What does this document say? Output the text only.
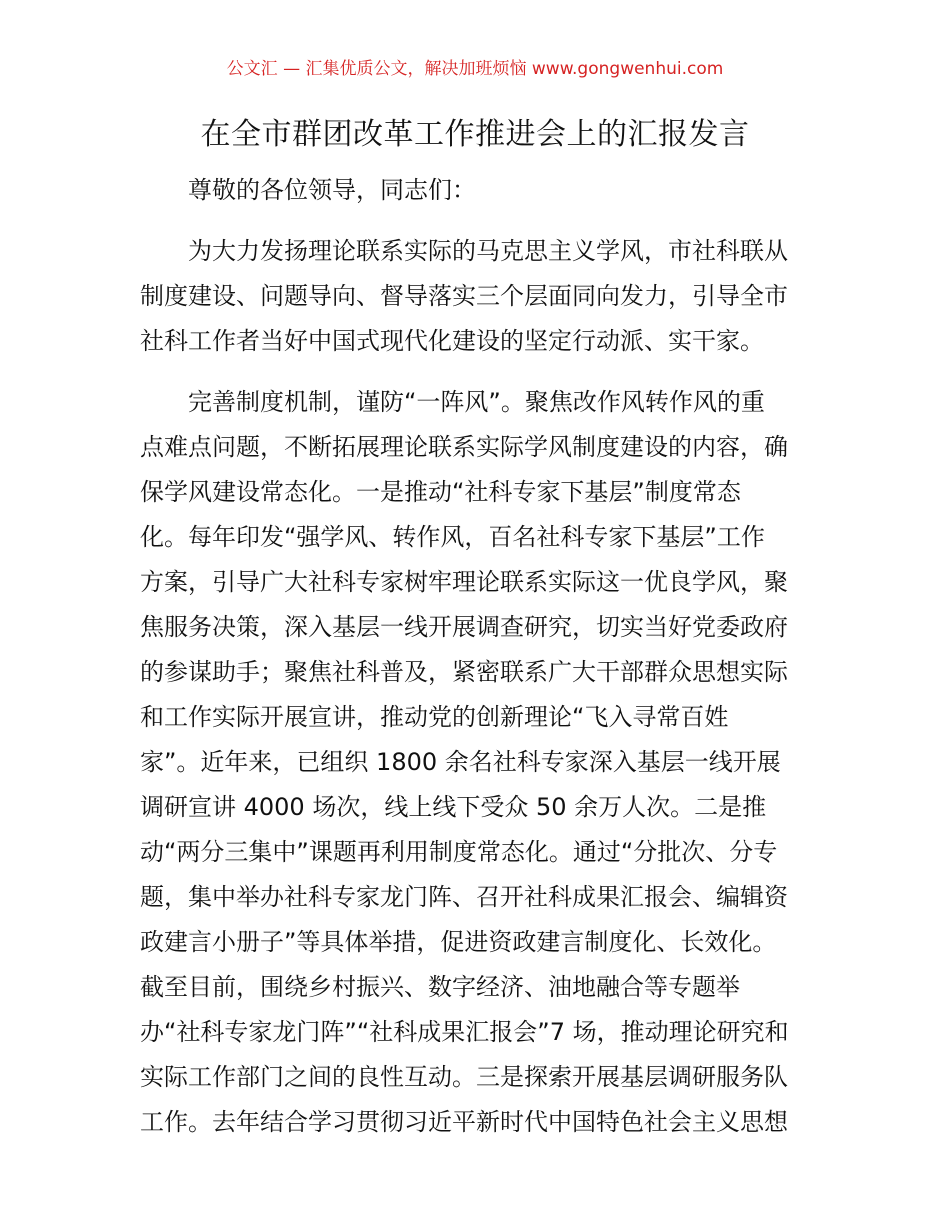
公文汇 — 汇集优质公文，解决加班烦恼 www.gongwenhui.com
在全市群团改革工作推进会上的汇报发言
尊敬的各位领导，同志们：
为大力发扬理论联系实际的马克思主义学风，市社科联从
制度建设、问题导向、督导落实三个层面同向发力，引导全市
社科工作者当好中国式现代化建设的坚定行动派、实干家。
完善制度机制，谨防“一阵风”。聚焦改作风转作风的重
点难点问题，不断拓展理论联系实际学风制度建设的内容，确
保学风建设常态化。一是推动“社科专家下基层”制度常态
化。每年印发“强学风、转作风，百名社科专家下基层”工作
方案，引导广大社科专家树牢理论联系实际这一优良学风，聚
焦服务决策，深入基层一线开展调查研究，切实当好党委政府
的参谋助手；聚焦社科普及，紧密联系广大干部群众思想实际
和工作实际开展宣讲，推动党的创新理论“飞入寻常百姓
家”。近年来，已组织 1800 余名社科专家深入基层一线开展
调研宣讲 4000 场次，线上线下受众 50 余万人次。二是推
动“两分三集中”课题再利用制度常态化。通过“分批次、分专
题，集中举办社科专家龙门阵、召开社科成果汇报会、编辑资
政建言小册子”等具体举措，促进资政建言制度化、长效化。
截至目前，围绕乡村振兴、数字经济、油地融合等专题举
办“社科专家龙门阵”“社科成果汇报会”7 场，推动理论研究和
实际工作部门之间的良性互动。三是探索开展基层调研服务队
工作。去年结合学习贯彻习近平新时代中国特色社会主义思想
